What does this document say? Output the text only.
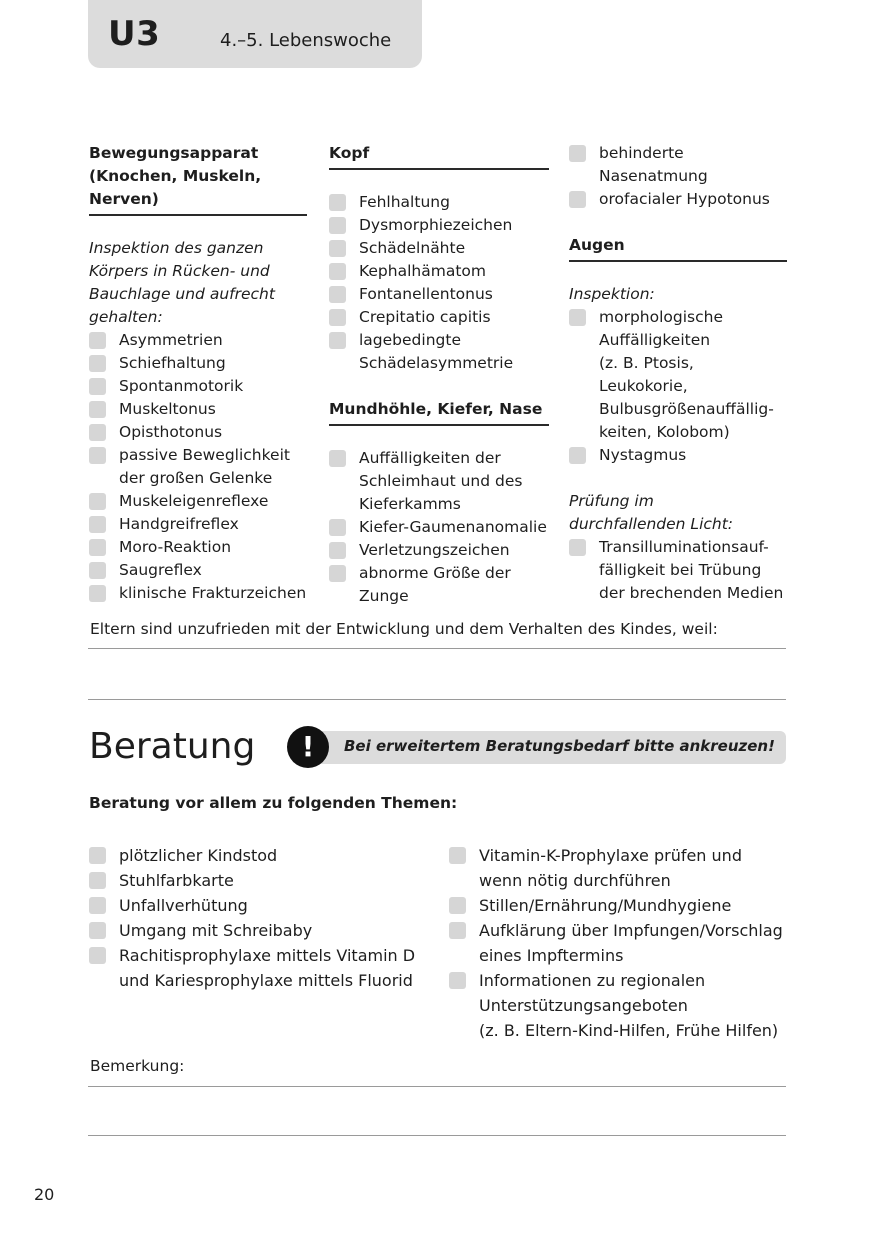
U3	4.–5. Lebenswoche
Bewegungsapparat
(Knochen, Muskeln, Nerven)
Inspektion des ganzen
Körpers in Rücken- und
Bauchlage und aufrecht
gehalten:
Asymmetrien
Schiefhaltung
Spontanmotorik
Muskeltonus
Opisthotonus
passive Beweglichkeit
der großen Gelenke
Muskeleigenreflexe
Handgreifreflex
Moro-Reaktion
Saugreflex
klinische Frakturzeichen
Kopf
Fehlhaltung
Dysmorphiezeichen
Schädelnähte
Kephalhämatom
Fontanellentonus
Crepitatio capitis
lagebedingte
Schädelasymmetrie
Mundhöhle, Kiefer, Nase
Auffälligkeiten der
Schleimhaut und des
Kieferkamms
Kiefer-Gaumenanomalie
Verletzungszeichen
abnorme Größe der Zunge
behinderte
Nasenatmung
orofacialer Hypotonus
Augen
Inspektion:
morphologische
Auffälligkeiten
(z. B. Ptosis, Leukokorie,
Bulbusgrößenauffällig-
keiten, Kolobom)
Nystagmus
Prüfung im
durchfallenden Licht:
Transilluminationsauf-
fälligkeit bei Trübung
der brechenden Medien
Eltern sind unzufrieden mit der Entwicklung und dem Verhalten des Kindes, weil:
Beratung	Bei erweitertem Beratungsbedarf bitte ankreuzen!
!
Beratung vor allem zu folgenden Themen:
plötzlicher Kindstod
Stuhlfarbkarte
Unfallverhütung
Umgang mit Schreibaby
Rachitisprophylaxe mittels Vitamin D
und Kariesprophylaxe mittels Fluorid
Vitamin-K-Prophylaxe prüfen und
wenn nötig durchführen
Stillen/Ernährung/Mundhygiene
Aufklärung über Impfungen/Vorschlag
eines Impftermins
Informationen zu regionalen
Unterstützungsangeboten
(z. B. Eltern-Kind-Hilfen, Frühe Hilfen)
Bemerkung:
20
